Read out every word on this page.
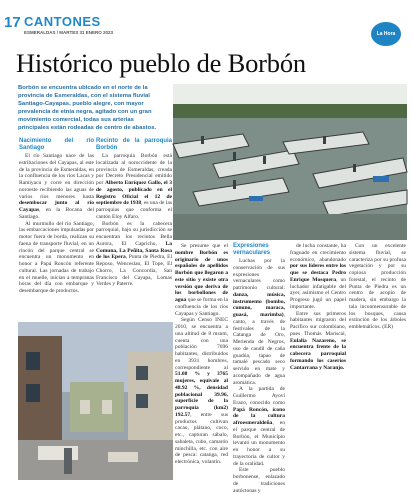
17 CANTONES
ESMERALDAS / MARTES 31 ENERO 2023	La Hora
Histórico pueblo de Borbón

Borbón se encuentra ubicado en el norte de la provincia de Esmeraldas, con el sistema fluvial Santiago-Cayapas, pueblo alegre, con mayor prevalencia de etnia negra, agitado con un gran movimiento comercial, todas sus arterias principales están rodeadas de centro de abastos.

Nacimiento del río Santiago
El río Santiago nace de las estribaciones del Cayapas, al este de la provincia de Esmeraldas, en la confluencia de los ríos Lacas y Ramiyacu y corre en dirección noroeste recibiendo las aguas de varios ríos menores hasta desembocar junto al río Cayapas, en la Bocana del Santiago.
Al murmullo del río Santiago, las embarcaciones impulsadas por motor fuera de borda, realizan su faena de transporte fluvial, en un rincón del parque central se encuentra un monumento en honor a Papá Roncón referente cultural. Las jornadas de trabajo en el muelle, inician a tempranas horas del día con embarque y desembarque de productos.
Recinto de la parroquia Borbón
La parroquia Borbón está localizada al noroccidente de la provincia de Esmeraldas, creada por Decreto Presidencial emitido por Alberto Enríquez Gallo, el 3 de agosto, publicado en el Registro Oficial el 12 de septiembre de 1938, es una de las parroquias que conforma el cantón Eloy Alfaro.
Borbón es la cabecera parroquial, bajo su jurisdicción se encuentran los recintos Bella Aurora, El Capricho, La Comuna, La Peñita, Santa Rosa de los Epera, Punta de Piedra, El Reposo, Wenceslao, El Tope, El Chorro, La Concordia, San Francisco del Cayapa, Lomas Verdes y Paterre.
Se presume que el nombre Borbón es originario de unos españoles de apellidos Borbón que llegaron a este sitio y existe otra versión que deriva de los borbollones de agua que se forma en la confluencia de los ríos Cayapas y Santiago.
Según Censo INEC 2010, se encuentra a una altitud de 8 msnm, cuenta con una población 7696 habitantes, distribuidos en 3931 hombres, correspondiente al 51.08 % y 3765 mujeres, equivale al 48.92 %, densidad poblacional 39.96, superficie de la parroquia (km2) 192.57, entre sus productos cultivan cacao, plátano, coco, etc., capturan sábalo, sabaleta, cubo, camarón minchilla, etc. con aire de pesca: catanga, red electrónica, volantín.
Expresiones vernaculares
Luchas por la conservación de sus expresiones vernaculares como patrimonio cultural: danza, música, instrumento (bombo, cununo, maraca, guasá, marimba), canto, a través de festivales de la Catanga de Oro, Merienda de Negros, uso de candil de caña guadúa, tapao de tamalé pescado seco servido en mate y acompañado de agua aromática.
A la partida de Guillermo Ayoví Erazo, conocido como Papá Roncón, ícono de la cultura afroesmeraldeña, en el parque central de Borbón, el Municipio levantó un monumento en honor a su trayectoria de cultor y de la oralidad.
Este pueblo borbonense, enlazado de tradiciones autóctonas y
de lucha constante, ha fraguado en crecimiento económico, abandonado por sus líderes entre los que se destaca Pedro Enrique Mosquera, un luchador infatigable del ayer, asimismo el Centro Progreso jugó un papel importante.
Entre sus primeros habitantes migraron del Pacífico sur colombiano, pues Thomás Mariscal, Eulalia Nazareno, se encuentra frente de la cabecera parroquial formando los caseríos Cantarrana y Naranjo.
Con un excelente sistema fluvial, se caracteriza por su profusa vegetación y por su copiosa producción forestal, el recinto de Punta de Piedra es un centro de acopio de madera, sin embargo la tala inconmensurable de los bosques, causa extinción de los árboles emblemáticos. (ER)
